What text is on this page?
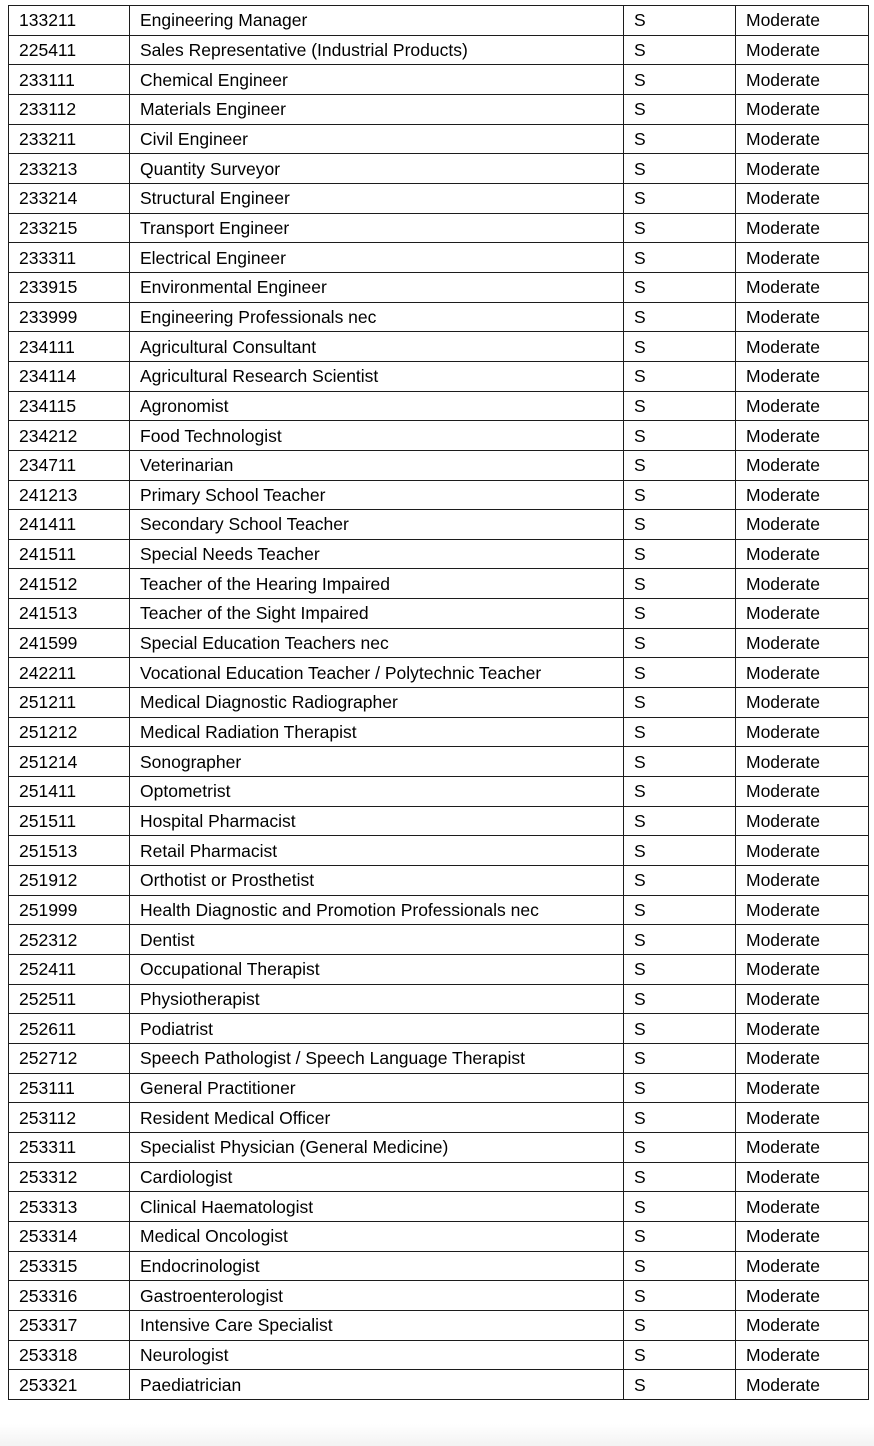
133211	Engineering Manager	S	Moderate
225411	Sales Representative (Industrial Products)	S	Moderate
233111	Chemical Engineer	S	Moderate
233112	Materials Engineer	S	Moderate
233211	Civil Engineer	S	Moderate
233213	Quantity Surveyor	S	Moderate
233214	Structural Engineer	S	Moderate
233215	Transport Engineer	S	Moderate
233311	Electrical Engineer	S	Moderate
233915	Environmental Engineer	S	Moderate
233999	Engineering Professionals nec	S	Moderate
234111	Agricultural Consultant	S	Moderate
234114	Agricultural Research Scientist	S	Moderate
234115	Agronomist	S	Moderate
234212	Food Technologist	S	Moderate
234711	Veterinarian	S	Moderate
241213	Primary School Teacher	S	Moderate
241411	Secondary School Teacher	S	Moderate
241511	Special Needs Teacher	S	Moderate
241512	Teacher of the Hearing Impaired	S	Moderate
241513	Teacher of the Sight Impaired	S	Moderate
241599	Special Education Teachers nec	S	Moderate
242211	Vocational Education Teacher / Polytechnic Teacher	S	Moderate
251211	Medical Diagnostic Radiographer	S	Moderate
251212	Medical Radiation Therapist	S	Moderate
251214	Sonographer	S	Moderate
251411	Optometrist	S	Moderate
251511	Hospital Pharmacist	S	Moderate
251513	Retail Pharmacist	S	Moderate
251912	Orthotist or Prosthetist	S	Moderate
251999	Health Diagnostic and Promotion Professionals nec	S	Moderate
252312	Dentist	S	Moderate
252411	Occupational Therapist	S	Moderate
252511	Physiotherapist	S	Moderate
252611	Podiatrist	S	Moderate
252712	Speech Pathologist / Speech Language Therapist	S	Moderate
253111	General Practitioner	S	Moderate
253112	Resident Medical Officer	S	Moderate
253311	Specialist Physician (General Medicine)	S	Moderate
253312	Cardiologist	S	Moderate
253313	Clinical Haematologist	S	Moderate
253314	Medical Oncologist	S	Moderate
253315	Endocrinologist	S	Moderate
253316	Gastroenterologist	S	Moderate
253317	Intensive Care Specialist	S	Moderate
253318	Neurologist	S	Moderate
253321	Paediatrician	S	Moderate
